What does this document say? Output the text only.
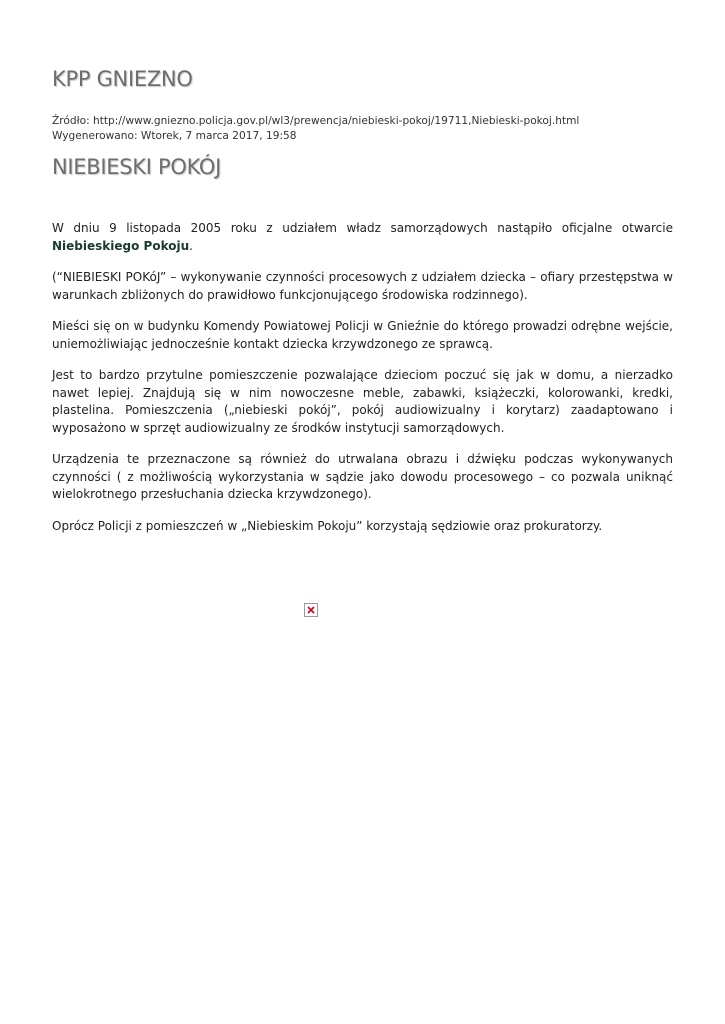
KPP GNIEZNO
Źródło: http://www.gniezno.policja.gov.pl/wl3/prewencja/niebieski-pokoj/19711,Niebieski-pokoj.html
Wygenerowano: Wtorek, 7 marca 2017, 19:58
NIEBIESKI POKÓJ

W dniu 9 listopada 2005 roku z udziałem władz samorządowych nastąpiło oficjalne otwarcie Niebieskiego Pokoju.

(“NIEBIESKI POKóJ” – wykonywanie czynności procesowych z udziałem dziecka – ofiary przestępstwa w warunkach zbliżonych do prawidłowo funkcjonującego środowiska rodzinnego).

Mieści się on w budynku Komendy Powiatowej Policji w Gnieźnie do którego prowadzi odrębne wejście, uniemożliwiając jednocześnie kontakt dziecka krzywdzonego ze sprawcą.

Jest to bardzo przytulne pomieszczenie pozwalające dzieciom poczuć się jak w domu, a nierzadko nawet lepiej. Znajdują się w nim nowoczesne meble, zabawki, książeczki, kolorowanki, kredki, plastelina. Pomieszczenia („niebieski pokój”, pokój audiowizualny i korytarz) zaadaptowano i wyposażono w sprzęt audiowizualny ze środków instytucji samorządowych.

Urządzenia te przeznaczone są również do utrwalana obrazu i dźwięku podczas wykonywanych czynności ( z możliwością wykorzystania w sądzie jako dowodu procesowego – co pozwala uniknąć wielokrotnego przesłuchania dziecka krzywdzonego).

Oprócz Policji z pomieszczeń w „Niebieskim Pokoju” korzystają sędziowie oraz prokuratorzy.
